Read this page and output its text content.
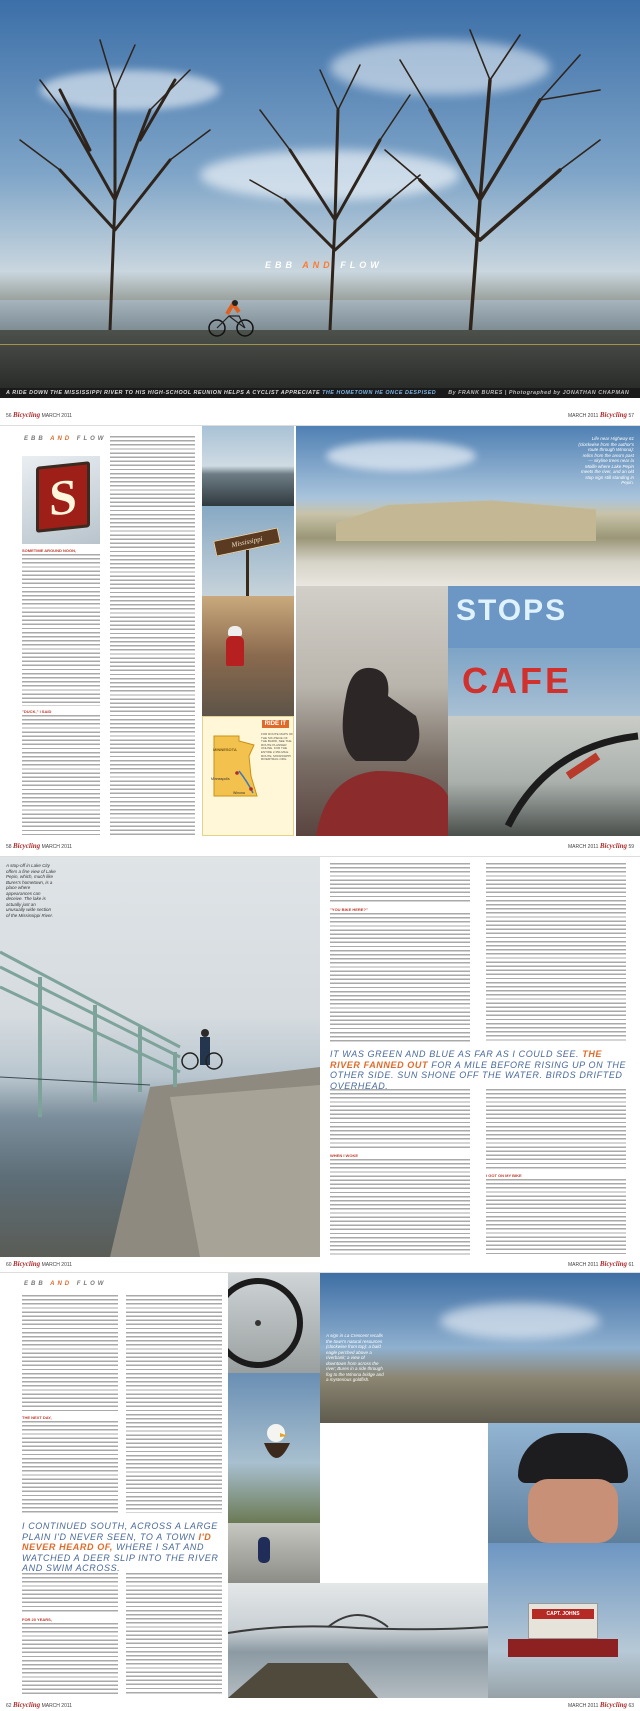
EBB AND FLOW
A RIDE DOWN THE MISSISSIPPI RIVER TO HIS HIGH-SCHOOL REUNION HELPS A CYCLIST APPRECIATE THE HOMETOWN HE ONCE DESPISED By FRANK BURES | Photographed by JONATHAN CHAPMAN
56 Bicycling MARCH 2011	MARCH 2011 Bicycling 57
EBB AND FLOW
S
SOMETIME AROUND NOON,
"DUCK," I SAID
Mississippi
RIDE IT
MINNESOTA
Minneapolis
Winona
FOR ROUTE MAPS OF THE SIX-PIECE OF THE BAIRD, SEE THE ROUTE PLANNER ONLINE. FOR THE ENTIRE 2,350-MILE ROUTE, MISSISSIPPI RIVERTRAIL.ORG.
Life near Highway 61 (clockwise from the author's route through Winona): relics from the area's past — skyline trees near la Moille where Lake Pepin meets the river, and an old stop sign still standing in Pepin.
STOPS
CAFE
58 Bicycling MARCH 2011	MARCH 2011 Bicycling 59
A stop-off in Lake City offers a fine view of Lake Pepin, which, much like Bures's hometown, is a place where appearances can deceive. The lake is actually just an unusually wide section of the Mississippi River.
"YOU BIKE HERE?"
IT WAS GREEN AND BLUE AS FAR AS I COULD SEE. THE RIVER FANNED OUT FOR A MILE BEFORE RISING UP ON THE OTHER SIDE. SUN SHONE OFF THE WATER. BIRDS DRIFTED OVERHEAD.
WHEN I WOKE
I GOT ON MY BIKE
60 Bicycling MARCH 2011	MARCH 2011 Bicycling 61
EBB AND FLOW
THE NEXT DAY,
I CONTINUED SOUTH, ACROSS A LARGE PLAIN I'D NEVER SEEN, TO A TOWN I'D NEVER HEARD OF, WHERE I SAT AND WATCHED A DEER SLIP INTO THE RIVER AND SWIM ACROSS.
FOR 20 YEARS,
A sign in La Crescent recalls the town's natural resources (clockwise from top): a bald eagle perched above a riverbank; a view of downtown from across the river; Bures in a ride through fog to the Winona bridge and a mysterious goldfish.
CAPT. JOHNS
62 Bicycling MARCH 2011	MARCH 2011 Bicycling 63
